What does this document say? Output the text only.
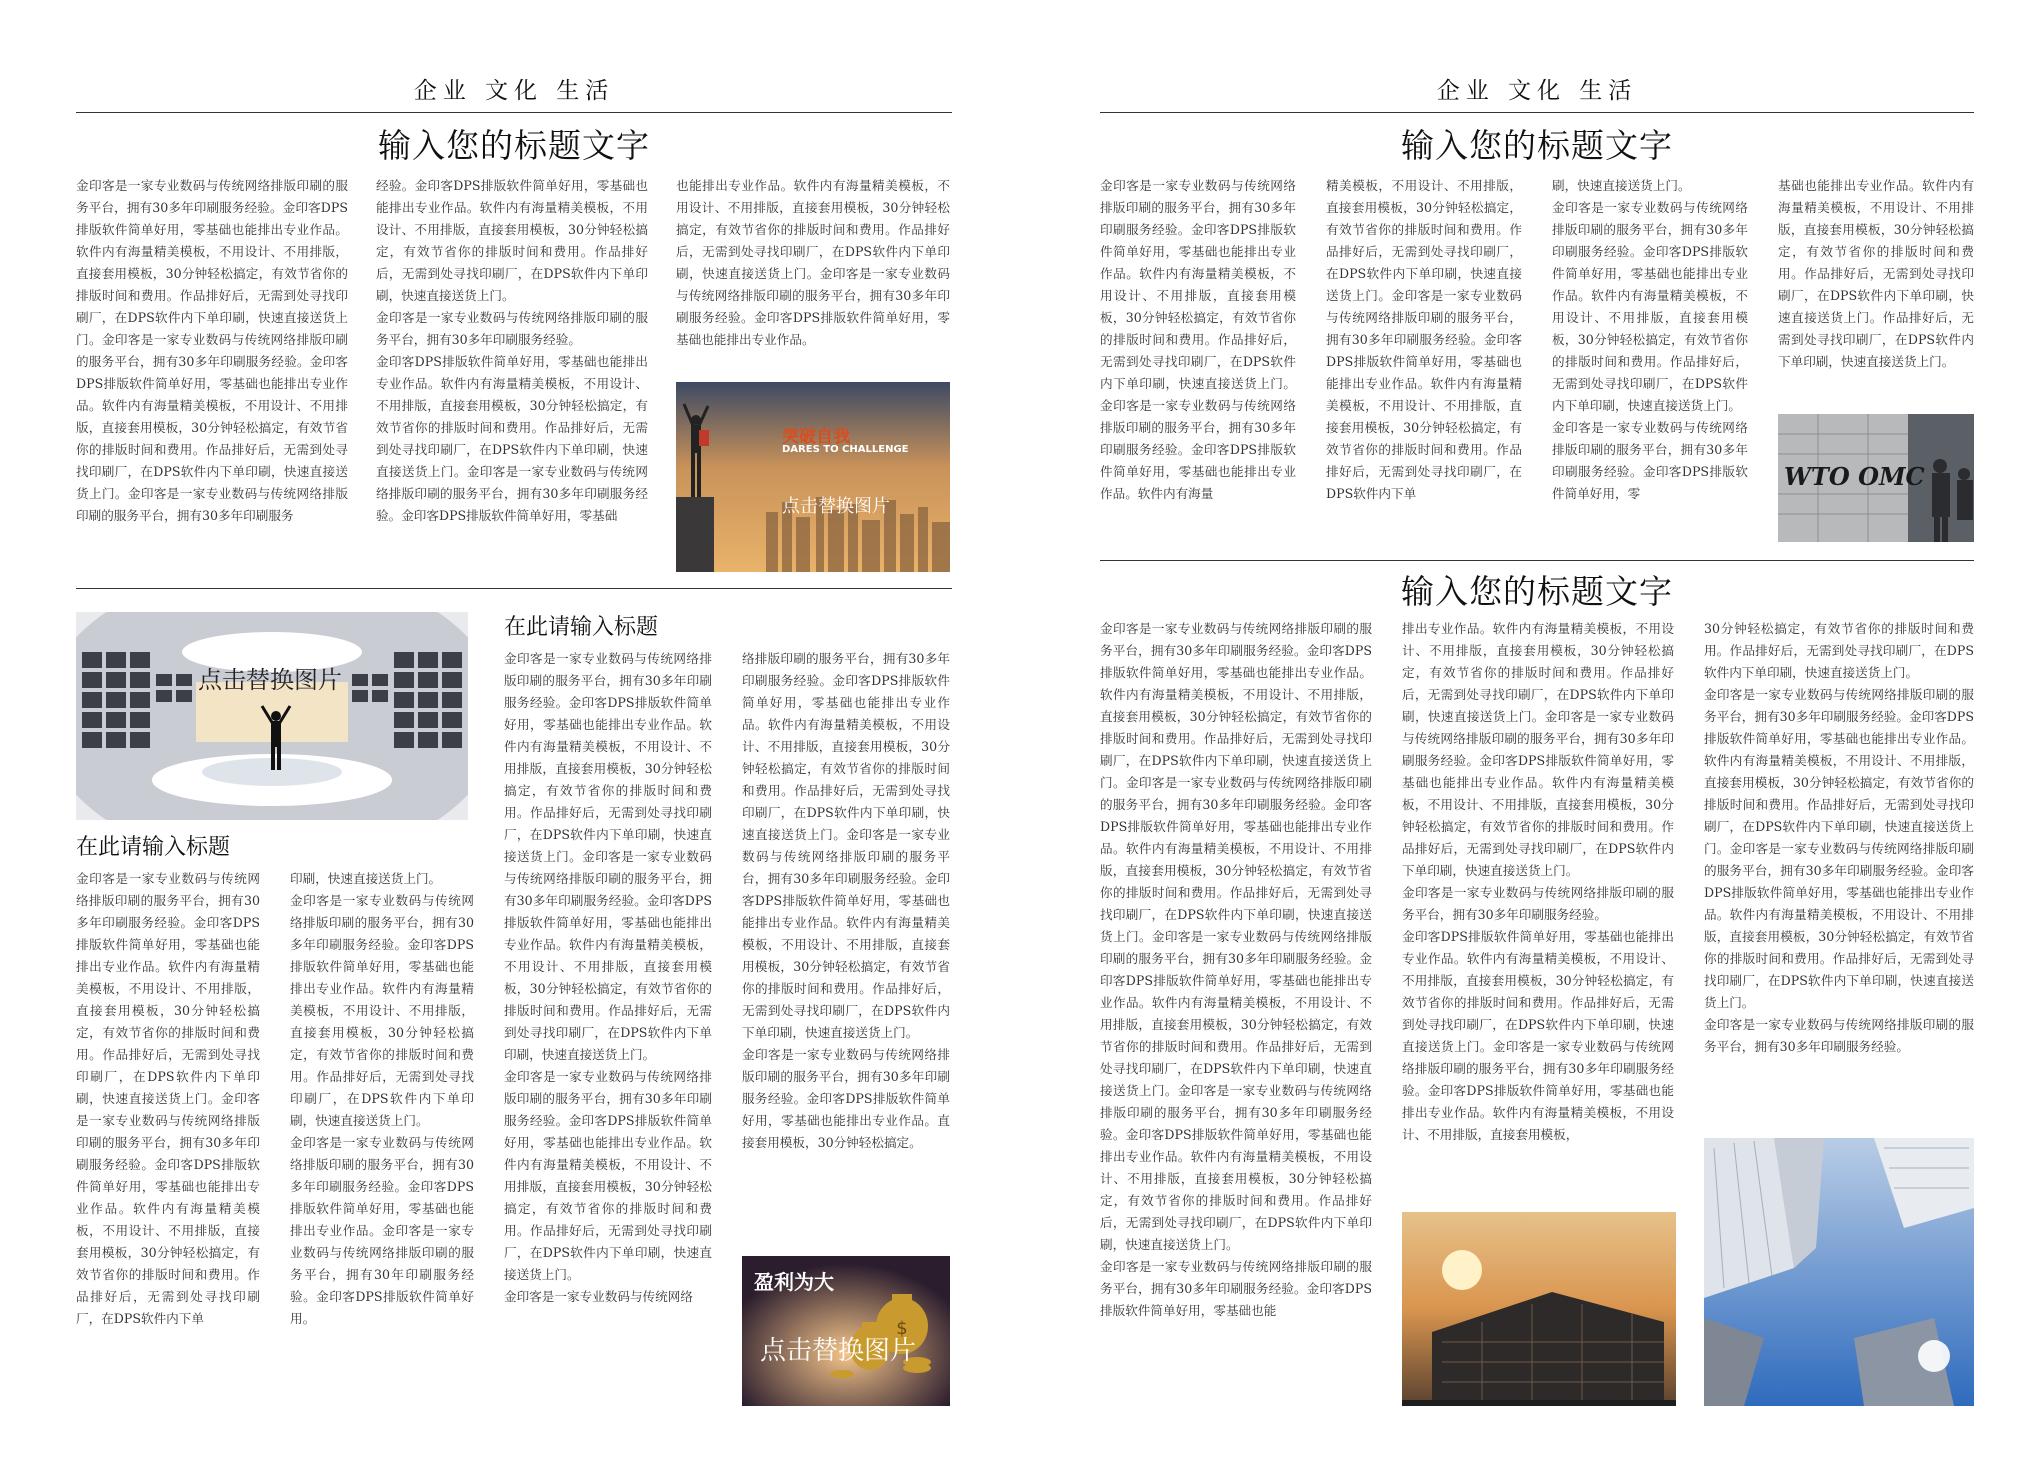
企业 文化 生活
输入您的标题文字
金印客是一家专业数码与传统网络排版印刷的服务平台，拥有30多年印刷服务经验。金印客DPS排版软件简单好用，零基础也能排出专业作品。软件内有海量精美模板，不用设计、不用排版，直接套用模板，30分钟轻松搞定，有效节省你的排版时间和费用。作品排好后，无需到处寻找印刷厂，在DPS软件内下单印刷，快速直接送货上门。金印客是一家专业数码与传统网络排版印刷的服务平台，拥有30多年印刷服务经验。金印客DPS排版软件简单好用，零基础也能排出专业作品。软件内有海量精美模板，不用设计、不用排版，直接套用模板，30分钟轻松搞定，有效节省你的排版时间和费用。作品排好后，无需到处寻找印刷厂，在DPS软件内下单印刷，快速直接送货上门。金印客是一家专业数码与传统网络排版印刷的服务平台，拥有30多年印刷服务
经验。金印客DPS排版软件简单好用，零基础也能排出专业作品。软件内有海量精美模板，不用设计、不用排版，直接套用模板，30分钟轻松搞定，有效节省你的排版时间和费用。作品排好后，无需到处寻找印刷厂，在DPS软件内下单印刷，快速直接送货上门。
金印客是一家专业数码与传统网络排版印刷的服务平台，拥有30多年印刷服务经验。
金印客DPS排版软件简单好用，零基础也能排出专业作品。软件内有海量精美模板，不用设计、不用排版，直接套用模板，30分钟轻松搞定，有效节省你的排版时间和费用。作品排好后，无需到处寻找印刷厂，在DPS软件内下单印刷，快速直接送货上门。金印客是一家专业数码与传统网络排版印刷的服务平台，拥有30多年印刷服务经验。金印客DPS排版软件简单好用，零基础
也能排出专业作品。软件内有海量精美模板，不用设计、不用排版，直接套用模板，30分钟轻松搞定，有效节省你的排版时间和费用。作品排好后，无需到处寻找印刷厂，在DPS软件内下单印刷，快速直接送货上门。金印客是一家专业数码与传统网络排版印刷的服务平台，拥有30多年印刷服务经验。金印客DPS排版软件简单好用，零基础也能排出专业作品。
突破自我
DARES TO CHALLENGE
点击替换图片
点击替换图片
在此请输入标题
金印客是一家专业数码与传统网络排版印刷的服务平台，拥有30多年印刷服务经验。金印客DPS排版软件简单好用，零基础也能排出专业作品。软件内有海量精美模板，不用设计、不用排版，直接套用模板，30分钟轻松搞定，有效节省你的排版时间和费用。作品排好后，无需到处寻找印刷厂，在DPS软件内下单印刷，快速直接送货上门。金印客是一家专业数码与传统网络排版印刷的服务平台，拥有30多年印刷服务经验。金印客DPS排版软件简单好用，零基础也能排出专业作品。软件内有海量精美模板，不用设计、不用排版，直接套用模板，30分钟轻松搞定，有效节省你的排版时间和费用。作品排好后，无需到处寻找印刷厂，在DPS软件内下单
印刷，快速直接送货上门。
金印客是一家专业数码与传统网络排版印刷的服务平台，拥有30多年印刷服务经验。金印客DPS排版软件简单好用，零基础也能排出专业作品。软件内有海量精美模板，不用设计、不用排版，直接套用模板，30分钟轻松搞定，有效节省你的排版时间和费用。作品排好后，无需到处寻找印刷厂，在DPS软件内下单印刷，快速直接送货上门。
金印客是一家专业数码与传统网络排版印刷的服务平台，拥有30多年印刷服务经验。金印客DPS排版软件简单好用，零基础也能排出专业作品。金印客是一家专业数码与传统网络排版印刷的服务平台，拥有30年印刷服务经验。金印客DPS排版软件简单好用。
在此请输入标题
金印客是一家专业数码与传统网络排版印刷的服务平台，拥有30多年印刷服务经验。金印客DPS排版软件简单好用，零基础也能排出专业作品。软件内有海量精美模板，不用设计、不用排版，直接套用模板，30分钟轻松搞定，有效节省你的排版时间和费用。作品排好后，无需到处寻找印刷厂，在DPS软件内下单印刷，快速直接送货上门。金印客是一家专业数码与传统网络排版印刷的服务平台，拥有30多年印刷服务经验。金印客DPS排版软件简单好用，零基础也能排出专业作品。软件内有海量精美模板，不用设计、不用排版，直接套用模板，30分钟轻松搞定，有效节省你的排版时间和费用。作品排好后，无需到处寻找印刷厂，在DPS软件内下单印刷，快速直接送货上门。
金印客是一家专业数码与传统网络排版印刷的服务平台，拥有30多年印刷服务经验。金印客DPS排版软件简单好用，零基础也能排出专业作品。软件内有海量精美模板，不用设计、不用排版，直接套用模板，30分钟轻松搞定，有效节省你的排版时间和费用。作品排好后，无需到处寻找印刷厂，在DPS软件内下单印刷，快速直接送货上门。
金印客是一家专业数码与传统网络
络排版印刷的服务平台，拥有30多年印刷服务经验。金印客DPS排版软件简单好用，零基础也能排出专业作品。软件内有海量精美模板，不用设计、不用排版，直接套用模板，30分钟轻松搞定，有效节省你的排版时间和费用。作品排好后，无需到处寻找印刷厂，在DPS软件内下单印刷，快速直接送货上门。金印客是一家专业数码与传统网络排版印刷的服务平台，拥有30多年印刷服务经验。金印客DPS排版软件简单好用，零基础也能排出专业作品。软件内有海量精美模板，不用设计、不用排版，直接套用模板，30分钟轻松搞定，有效节省你的排版时间和费用。作品排好后，无需到处寻找印刷厂，在DPS软件内下单印刷，快速直接送货上门。
金印客是一家专业数码与传统网络排版印刷的服务平台，拥有30多年印刷服务经验。金印客DPS排版软件简单好用，零基础也能排出专业作品。直接套用模板，30分钟轻松搞定。
$
盈利为大
点击替换图片
企业 文化 生活
输入您的标题文字
金印客是一家专业数码与传统网络排版印刷的服务平台，拥有30多年印刷服务经验。金印客DPS排版软件简单好用，零基础也能排出专业作品。软件内有海量精美模板，不用设计、不用排版，直接套用模板，30分钟轻松搞定，有效节省你的排版时间和费用。作品排好后，无需到处寻找印刷厂，在DPS软件内下单印刷，快速直接送货上门。金印客是一家专业数码与传统网络排版印刷的服务平台，拥有30多年印刷服务经验。金印客DPS排版软件简单好用，零基础也能排出专业作品。软件内有海量
精美模板，不用设计、不用排版，直接套用模板，30分钟轻松搞定，有效节省你的排版时间和费用。作品排好后，无需到处寻找印刷厂，在DPS软件内下单印刷，快速直接送货上门。金印客是一家专业数码与传统网络排版印刷的服务平台，拥有30多年印刷服务经验。金印客DPS排版软件简单好用，零基础也能排出专业作品。软件内有海量精美模板，不用设计、不用排版，直接套用模板，30分钟轻松搞定，有效节省你的排版时间和费用。作品排好后，无需到处寻找印刷厂，在DPS软件内下单
刷，快速直接送货上门。
金印客是一家专业数码与传统网络排版印刷的服务平台，拥有30多年印刷服务经验。金印客DPS排版软件简单好用，零基础也能排出专业作品。软件内有海量精美模板，不用设计、不用排版，直接套用模板，30分钟轻松搞定，有效节省你的排版时间和费用。作品排好后，无需到处寻找印刷厂，在DPS软件内下单印刷，快速直接送货上门。
金印客是一家专业数码与传统网络排版印刷的服务平台，拥有30多年印刷服务经验。金印客DPS排版软件简单好用，零
基础也能排出专业作品。软件内有海量精美模板，不用设计、不用排版，直接套用模板，30分钟轻松搞定，有效节省你的排版时间和费用。作品排好后，无需到处寻找印刷厂，在DPS软件内下单印刷，快速直接送货上门。作品排好后，无需到处寻找印刷厂，在DPS软件内下单印刷，快速直接送货上门。
WTO OMC
输入您的标题文字
金印客是一家专业数码与传统网络排版印刷的服务平台，拥有30多年印刷服务经验。金印客DPS排版软件简单好用，零基础也能排出专业作品。软件内有海量精美模板，不用设计、不用排版，直接套用模板，30分钟轻松搞定，有效节省你的排版时间和费用。作品排好后，无需到处寻找印刷厂，在DPS软件内下单印刷，快速直接送货上门。金印客是一家专业数码与传统网络排版印刷的服务平台，拥有30多年印刷服务经验。金印客DPS排版软件简单好用，零基础也能排出专业作品。软件内有海量精美模板，不用设计、不用排版，直接套用模板，30分钟轻松搞定，有效节省你的排版时间和费用。作品排好后，无需到处寻找印刷厂，在DPS软件内下单印刷，快速直接送货上门。金印客是一家专业数码与传统网络排版印刷的服务平台，拥有30多年印刷服务经验。金印客DPS排版软件简单好用，零基础也能排出专业作品。软件内有海量精美模板，不用设计、不用排版，直接套用模板，30分钟轻松搞定，有效节省你的排版时间和费用。作品排好后，无需到处寻找印刷厂，在DPS软件内下单印刷，快速直接送货上门。金印客是一家专业数码与传统网络排版印刷的服务平台，拥有30多年印刷服务经验。金印客DPS排版软件简单好用，零基础也能排出专业作品。软件内有海量精美模板，不用设计、不用排版，直接套用模板，30分钟轻松搞定，有效节省你的排版时间和费用。作品排好后，无需到处寻找印刷厂，在DPS软件内下单印刷，快速直接送货上门。
金印客是一家专业数码与传统网络排版印刷的服务平台，拥有30多年印刷服务经验。金印客DPS排版软件简单好用，零基础也能
排出专业作品。软件内有海量精美模板，不用设计、不用排版，直接套用模板，30分钟轻松搞定，有效节省你的排版时间和费用。作品排好后，无需到处寻找印刷厂，在DPS软件内下单印刷，快速直接送货上门。金印客是一家专业数码与传统网络排版印刷的服务平台，拥有30多年印刷服务经验。金印客DPS排版软件简单好用，零基础也能排出专业作品。软件内有海量精美模板，不用设计、不用排版，直接套用模板，30分钟轻松搞定，有效节省你的排版时间和费用。作品排好后，无需到处寻找印刷厂，在DPS软件内下单印刷，快速直接送货上门。
金印客是一家专业数码与传统网络排版印刷的服务平台，拥有30多年印刷服务经验。
金印客DPS排版软件简单好用，零基础也能排出专业作品。软件内有海量精美模板，不用设计、不用排版，直接套用模板，30分钟轻松搞定，有效节省你的排版时间和费用。作品排好后，无需到处寻找印刷厂，在DPS软件内下单印刷，快速直接送货上门。金印客是一家专业数码与传统网络排版印刷的服务平台，拥有30多年印刷服务经验。金印客DPS排版软件简单好用，零基础也能排出专业作品。软件内有海量精美模板，不用设计、不用排版，直接套用模板，
30分钟轻松搞定，有效节省你的排版时间和费用。作品排好后，无需到处寻找印刷厂，在DPS软件内下单印刷，快速直接送货上门。
金印客是一家专业数码与传统网络排版印刷的服务平台，拥有30多年印刷服务经验。金印客DPS排版软件简单好用，零基础也能排出专业作品。软件内有海量精美模板，不用设计、不用排版，直接套用模板，30分钟轻松搞定，有效节省你的排版时间和费用。作品排好后，无需到处寻找印刷厂，在DPS软件内下单印刷，快速直接送货上门。金印客是一家专业数码与传统网络排版印刷的服务平台，拥有30多年印刷服务经验。金印客DPS排版软件简单好用，零基础也能排出专业作品。软件内有海量精美模板，不用设计、不用排版，直接套用模板，30分钟轻松搞定，有效节省你的排版时间和费用。作品排好后，无需到处寻找印刷厂，在DPS软件内下单印刷，快速直接送货上门。
金印客是一家专业数码与传统网络排版印刷的服务平台，拥有30多年印刷服务经验。
